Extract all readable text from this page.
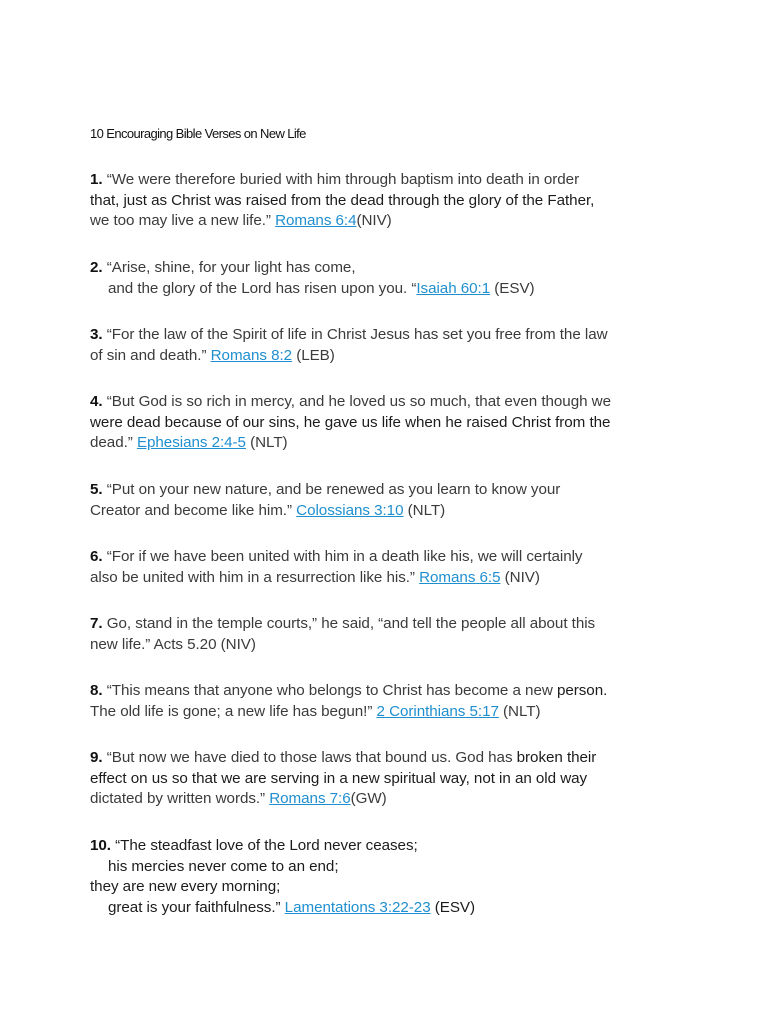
10 Encouraging Bible Verses on New Life
1. “We were therefore buried with him through baptism into death in order
that, just as Christ was raised from the dead through the glory of the Father,
we too may live a new life.” Romans 6:4(NIV)
2. “Arise, shine, for your light has come,
and the glory of the Lord has risen upon you. “Isaiah 60:1 (ESV)
3. “For the law of the Spirit of life in Christ Jesus has set you free from the law
of sin and death.” Romans 8:2 (LEB)
4. “But God is so rich in mercy, and he loved us so much, that even though we
were dead because of our sins, he gave us life when he raised Christ from the
dead.” Ephesians 2:4-5 (NLT)
5. “Put on your new nature, and be renewed as you learn to know your
Creator and become like him.” Colossians 3:10 (NLT)
6. “For if we have been united with him in a death like his, we will certainly
also be united with him in a resurrection like his.” Romans 6:5 (NIV)
7. Go, stand in the temple courts,” he said, “and tell the people all about this
new life.” Acts 5.20 (NIV)
8. “This means that anyone who belongs to Christ has become a new person.
The old life is gone; a new life has begun!” 2 Corinthians 5:17 (NLT)
9. “But now we have died to those laws that bound us. God has broken their
effect on us so that we are serving in a new spiritual way, not in an old way
dictated by written words.” Romans 7:6(GW)
10. “The steadfast love of the Lord never ceases;
his mercies never come to an end;
they are new every morning;
great is your faithfulness.” Lamentations 3:22-23 (ESV)
